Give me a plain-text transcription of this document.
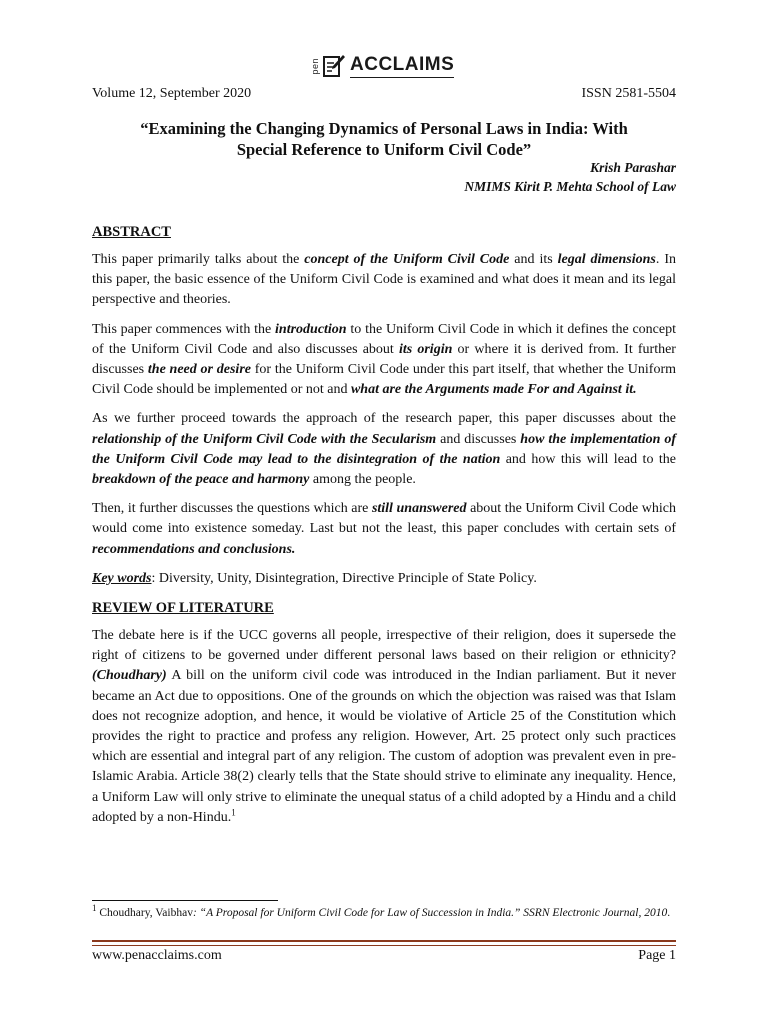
pen ACCLAIMS
Volume 12, September 2020	ISSN 2581-5504
“Examining the Changing Dynamics of Personal Laws in India: With
Special Reference to Uniform Civil Code”
Krish Parashar
NMIMS Kirit P. Mehta School of Law
ABSTRACT

This paper primarily talks about the concept of the Uniform Civil Code and its legal dimensions. In this paper, the basic essence of the Uniform Civil Code is examined and what does it mean and its legal perspective and theories.

This paper commences with the introduction to the Uniform Civil Code in which it defines the concept of the Uniform Civil Code and also discusses about its origin or where it is derived from. It further discusses the need or desire for the Uniform Civil Code under this part itself, that whether the Uniform Civil Code should be implemented or not and what are the Arguments made For and Against it.

As we further proceed towards the approach of the research paper, this paper discusses about the relationship of the Uniform Civil Code with the Secularism and discusses how the implementation of the Uniform Civil Code may lead to the disintegration of the nation and how this will lead to the breakdown of the peace and harmony among the people.

Then, it further discusses the questions which are still unanswered about the Uniform Civil Code which would come into existence someday. Last but not the least, this paper concludes with certain sets of recommendations and conclusions.

Key words: Diversity, Unity, Disintegration, Directive Principle of State Policy.

REVIEW OF LITERATURE

The debate here is if the UCC governs all people, irrespective of their religion, does it supersede the right of citizens to be governed under different personal laws based on their religion or ethnicity? (Choudhary) A bill on the uniform civil code was introduced in the Indian parliament. But it never became an Act due to oppositions. One of the grounds on which the objection was raised was that Islam does not recognize adoption, and hence, it would be violative of Article 25 of the Constitution which provides the right to practice and profess any religion. However, Art. 25 protect only such practices which are essential and integral part of any religion. The custom of adoption was prevalent even in pre-Islamic Arabia. Article 38(2) clearly tells that the State should strive to eliminate any inequality. Hence, a Uniform Law will only strive to eliminate the unequal status of a child adopted by a Hindu and a child adopted by a non-Hindu.$^1$

$^1$ Choudhary, Vaibhav: “A Proposal for Uniform Civil Code for Law of Succession in India.” SSRN Electronic Journal, 2010.
www.penacclaims.com	Page 1
